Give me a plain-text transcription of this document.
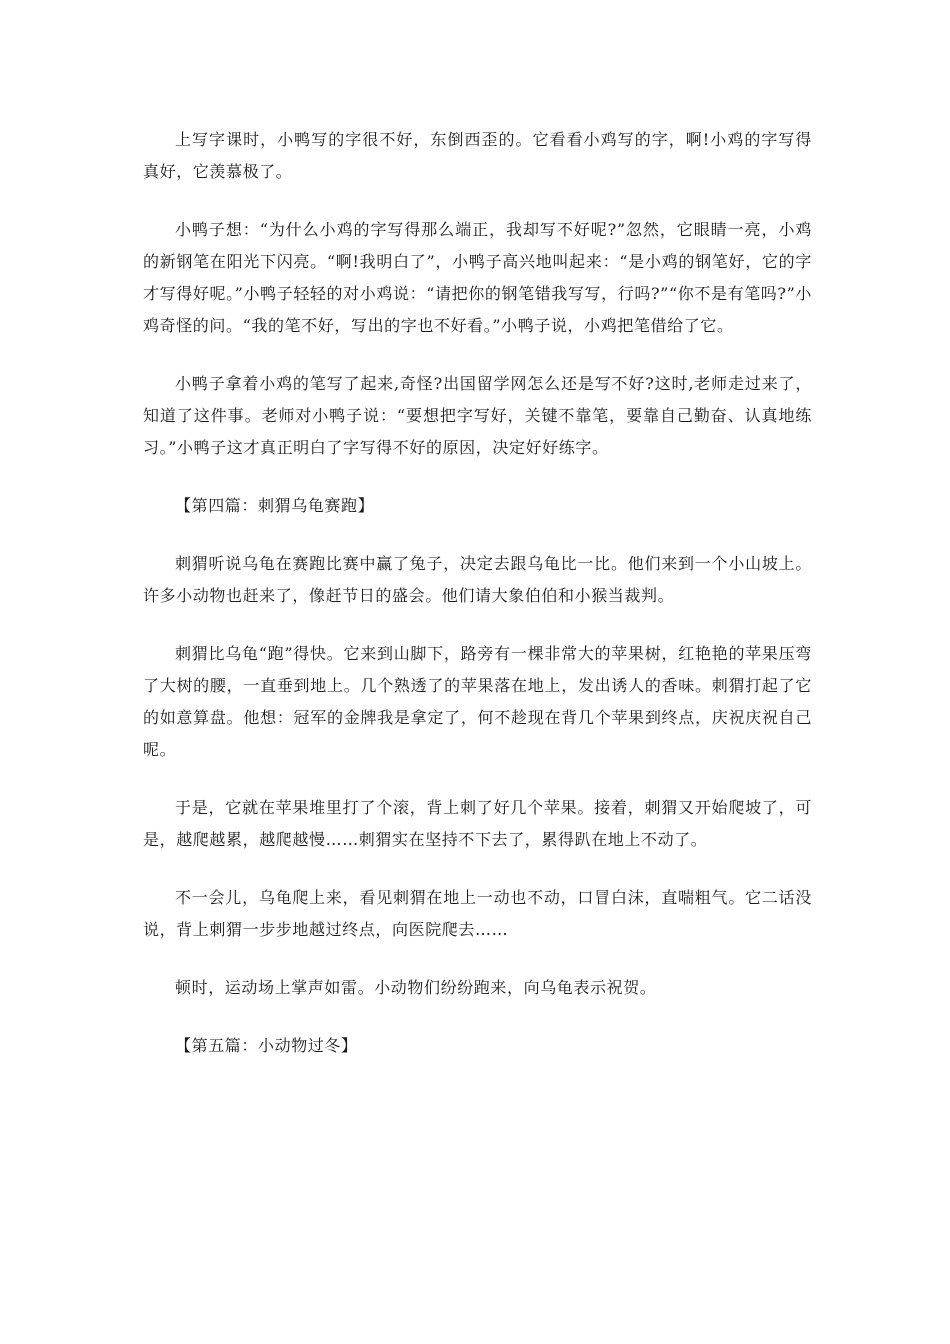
上写字课时，小鸭写的字很不好，东倒西歪的。它看看小鸡写的字，啊!小鸡的字写得真好，它羡慕极了。

小鸭子想：“为什么小鸡的字写得那么端正，我却写不好呢?”忽然，它眼睛一亮，小鸡的新钢笔在阳光下闪亮。“啊!我明白了”，小鸭子高兴地叫起来：“是小鸡的钢笔好，它的字才写得好呢。”小鸭子轻轻的对小鸡说：“请把你的钢笔错我写写，行吗?”“你不是有笔吗?”小鸡奇怪的问。“我的笔不好，写出的字也不好看。”小鸭子说，小鸡把笔借给了它。

小鸭子拿着小鸡的笔写了起来,奇怪?出国留学网怎么还是写不好?这时,老师走过来了，知道了这件事。老师对小鸭子说：“要想把字写好，关键不靠笔，要靠自己勤奋、认真地练习。”小鸭子这才真正明白了字写得不好的原因，决定好好练字。

【第四篇：刺猬乌龟赛跑】

刺猬听说乌龟在赛跑比赛中赢了兔子，决定去跟乌龟比一比。他们来到一个小山坡上。许多小动物也赶来了，像赶节日的盛会。他们请大象伯伯和小猴当裁判。

刺猬比乌龟“跑”得快。它来到山脚下，路旁有一棵非常大的苹果树，红艳艳的苹果压弯了大树的腰，一直垂到地上。几个熟透了的苹果落在地上，发出诱人的香味。刺猬打起了它的如意算盘。他想：冠军的金牌我是拿定了，何不趁现在背几个苹果到终点，庆祝庆祝自己呢。

于是，它就在苹果堆里打了个滚，背上刺了好几个苹果。接着，刺猬又开始爬坡了，可是，越爬越累，越爬越慢……刺猬实在坚持不下去了，累得趴在地上不动了。

不一会儿，乌龟爬上来，看见刺猬在地上一动也不动，口冒白沫，直喘粗气。它二话没说，背上刺猬一步步地越过终点，向医院爬去……

顿时，运动场上掌声如雷。小动物们纷纷跑来，向乌龟表示祝贺。

【第五篇：小动物过冬】
